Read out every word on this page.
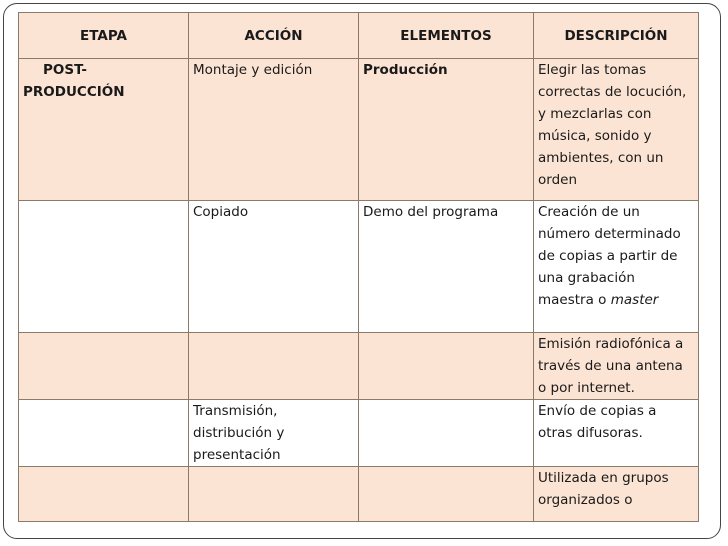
ETAPA	ACCIÓN	ELEMENTOS	DESCRIPCIÓN
POST-PRODUCCIÓN	Montaje y edición	Producción	Elegir las tomas correctas de locución, y mezclarlas con música, sonido y ambientes, con un orden
	Copiado	Demo del programa	Creación de un número determinado de copias a partir de una grabación maestra o master
			Emisión radiofónica a través de una antena o por internet.
	Transmisión, distribución y presentación		Envío de copias a otras difusoras.
			Utilizada en grupos organizados o
